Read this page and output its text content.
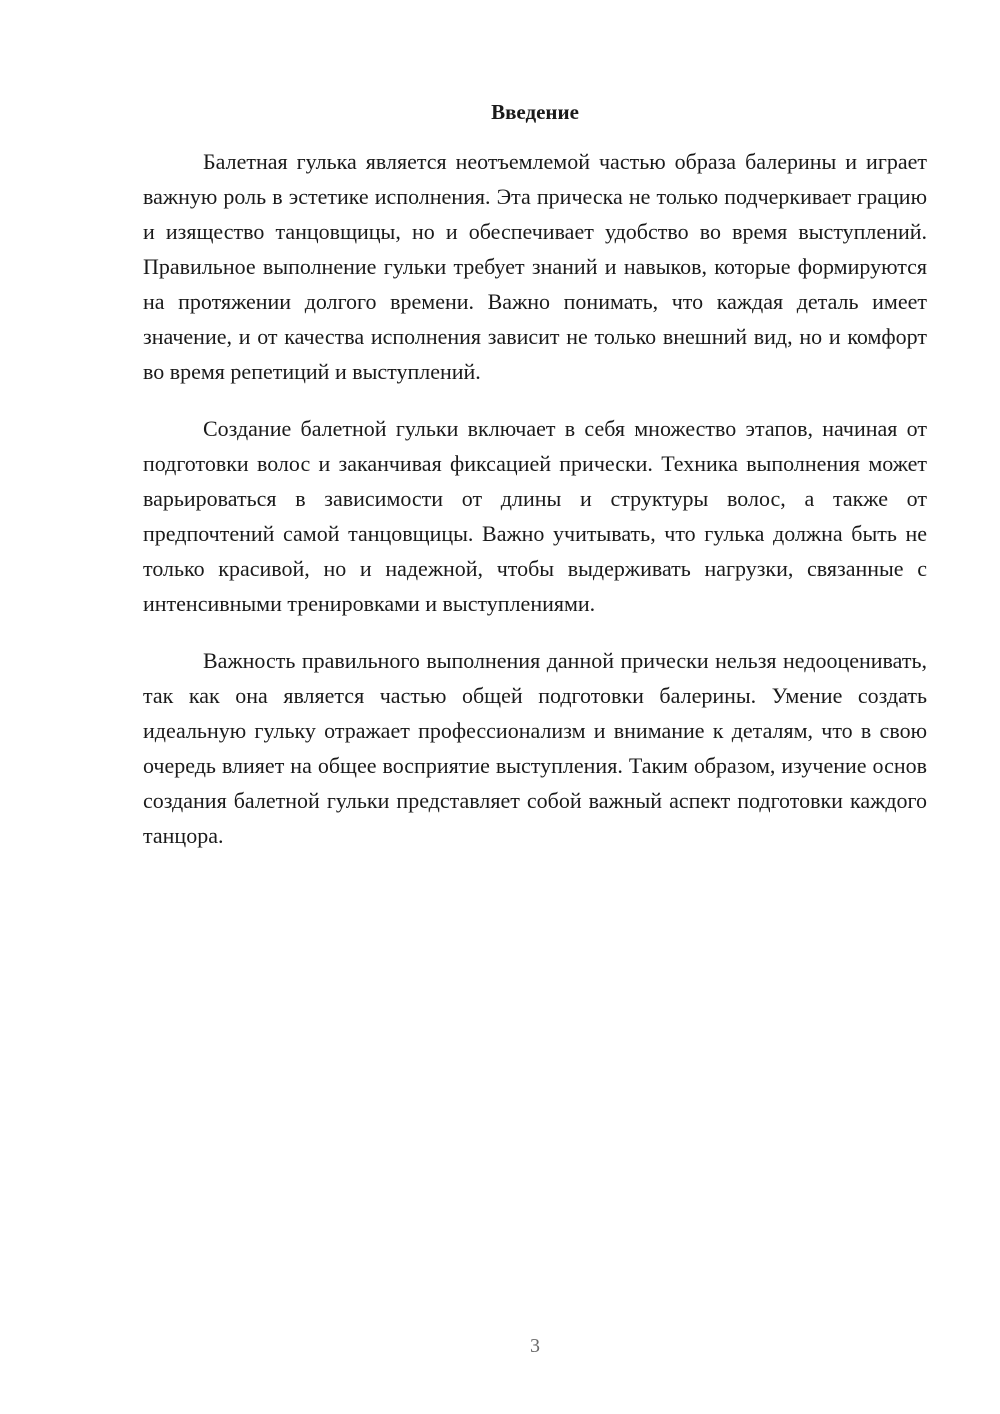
Введение

Балетная гулька является неотъемлемой частью образа балерины и играет важную роль в эстетике исполнения. Эта прическа не только подчеркивает грацию и изящество танцовщицы, но и обеспечивает удобство во время выступлений. Правильное выполнение гульки требует знаний и навыков, которые формируются на протяжении долгого времени. Важно понимать, что каждая деталь имеет значение, и от качества исполнения зависит не только внешний вид, но и комфорт во время репетиций и выступлений.

Создание балетной гульки включает в себя множество этапов, начиная от подготовки волос и заканчивая фиксацией прически. Техника выполнения может варьироваться в зависимости от длины и структуры волос, а также от предпочтений самой танцовщицы. Важно учитывать, что гулька должна быть не только красивой, но и надежной, чтобы выдерживать нагрузки, связанные с интенсивными тренировками и выступлениями.

Важность правильного выполнения данной прически нельзя недооценивать, так как она является частью общей подготовки балерины. Умение создать идеальную гульку отражает профессионализм и внимание к деталям, что в свою очередь влияет на общее восприятие выступления. Таким образом, изучение основ создания балетной гульки представляет собой важный аспект подготовки каждого танцора.

3
